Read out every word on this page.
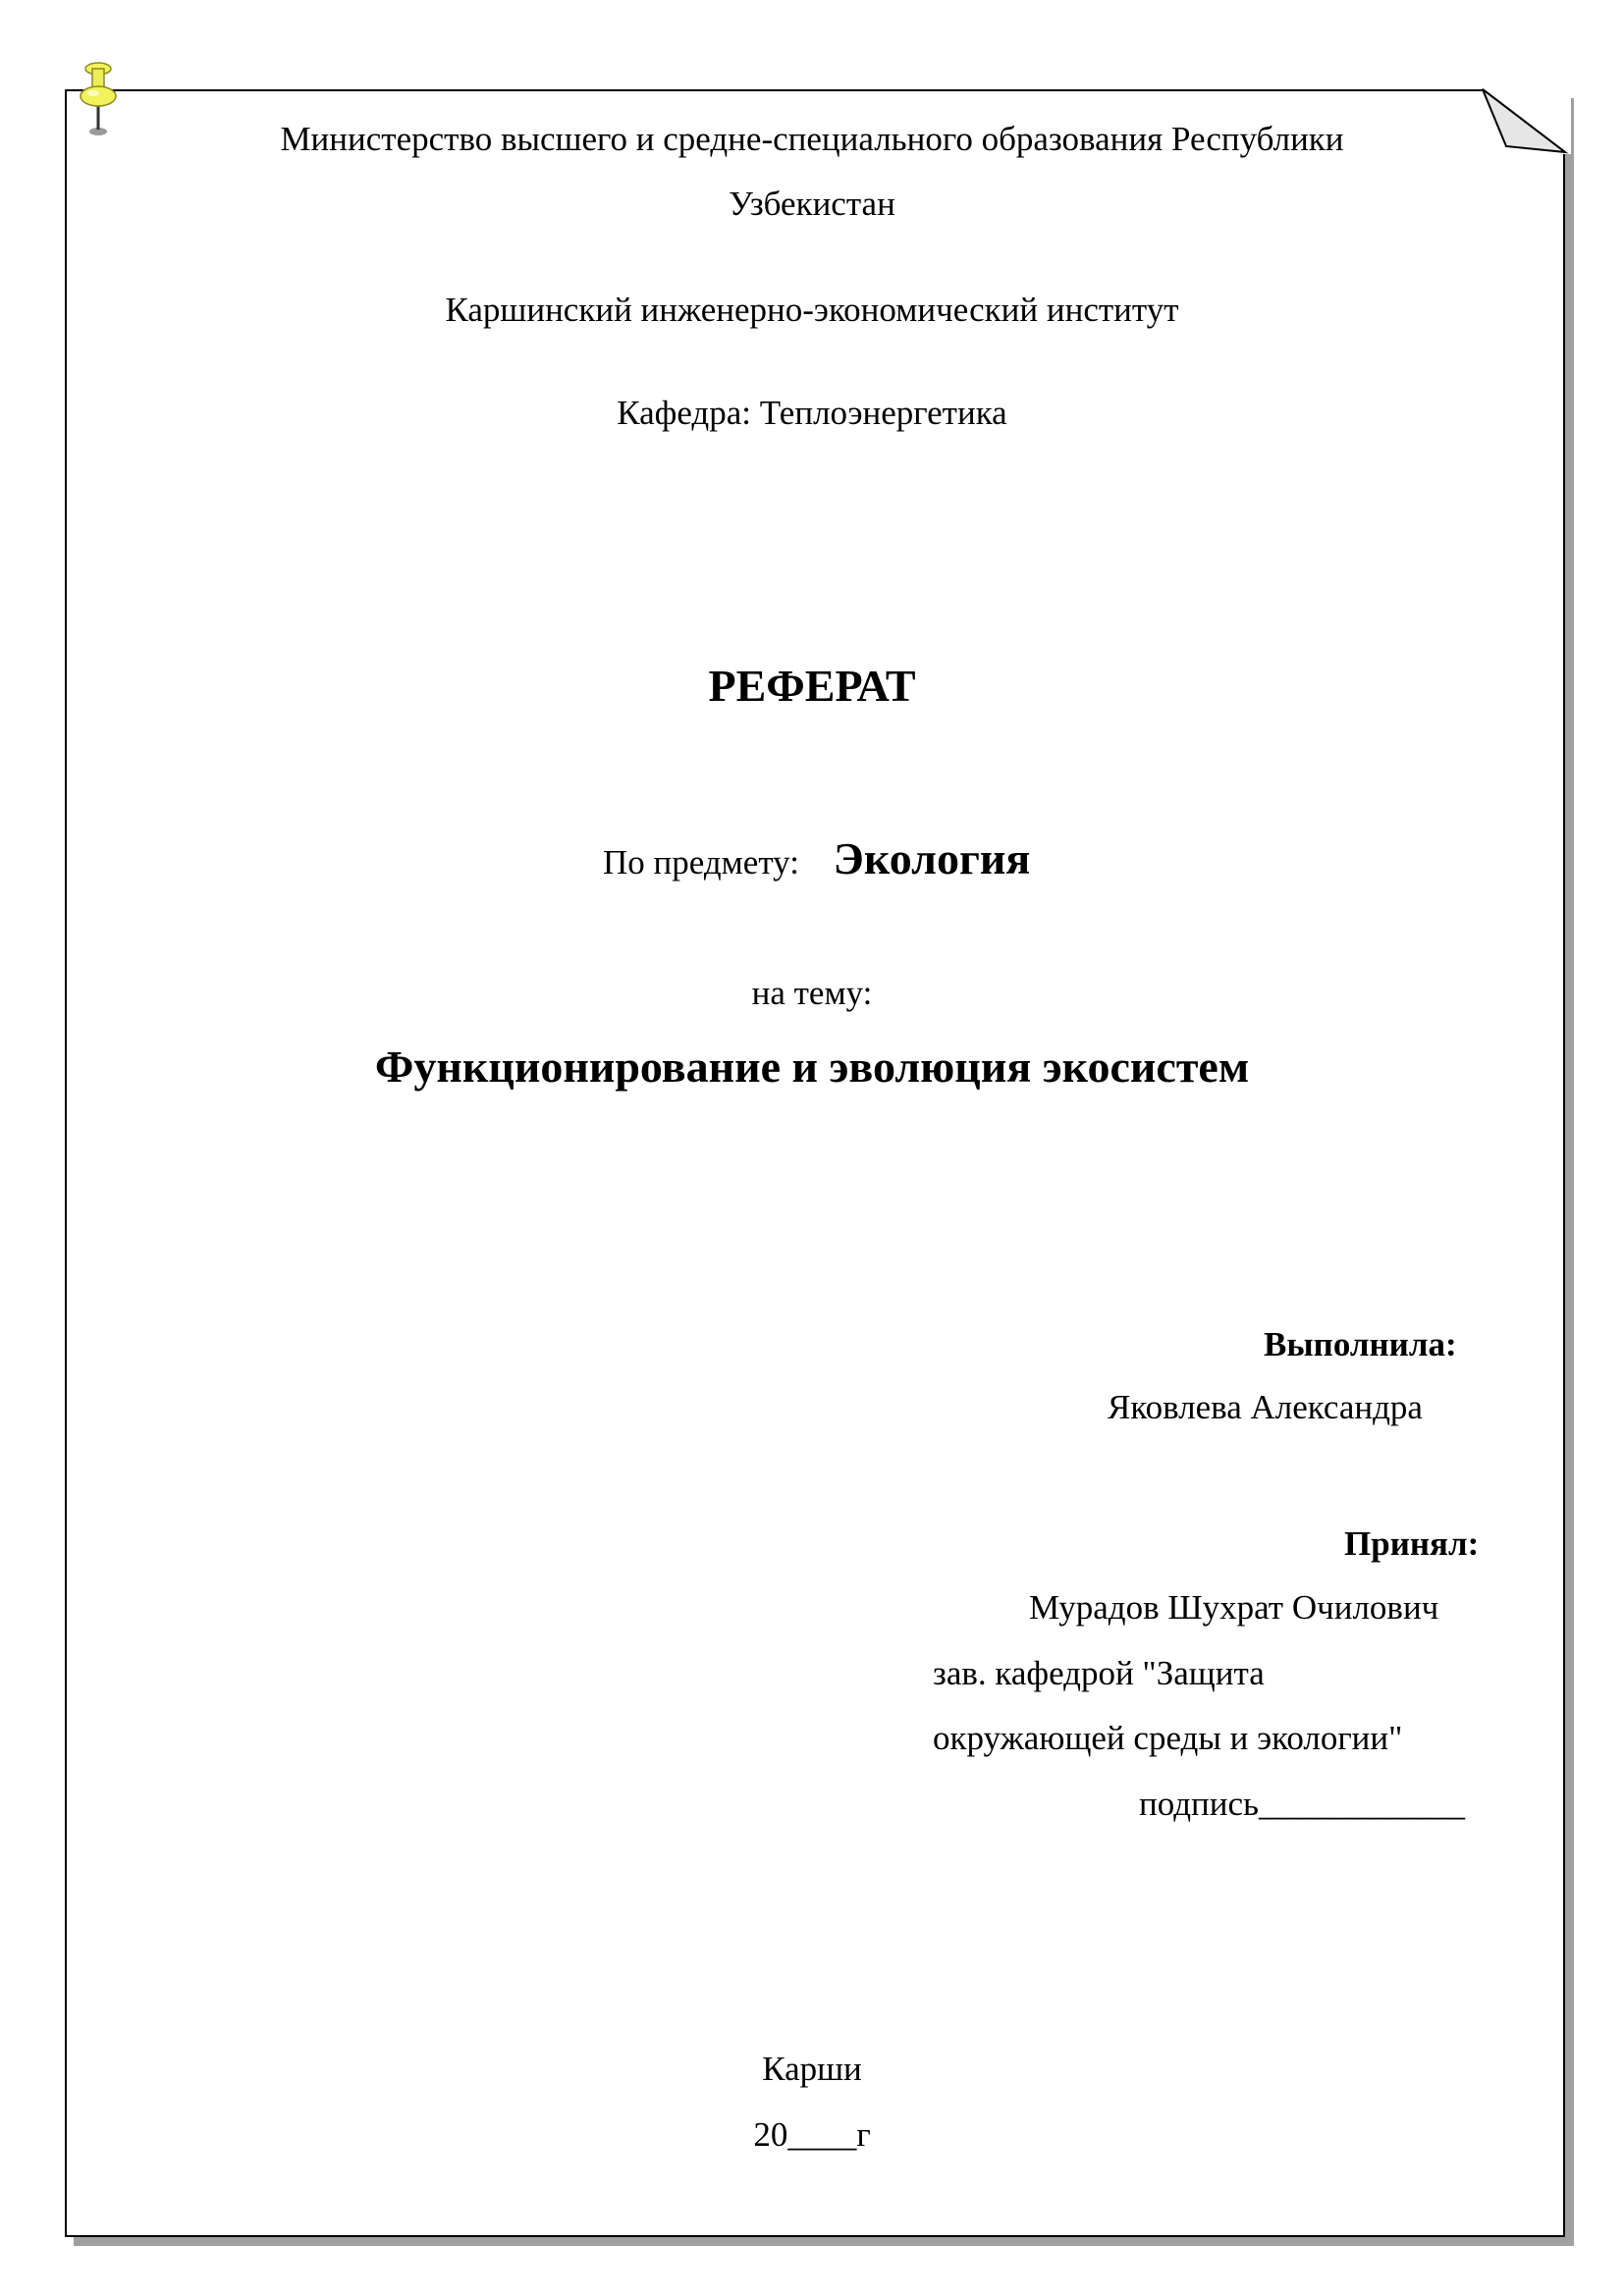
Министерство высшего и средне-специального образования Республики
Узбекистан
Каршинский инженерно-экономический институт
Кафедра: Теплоэнергетика
РЕФЕРАТ
По предмету: Экология
на тему:
Функционирование и эволюция экосистем
Выполнила:
Яковлева Александра
Принял:
Мурадов Шухрат Очилович
зав. кафедрой "Защита
окружающей среды и экологии"
подпись____________
Карши
20____г
